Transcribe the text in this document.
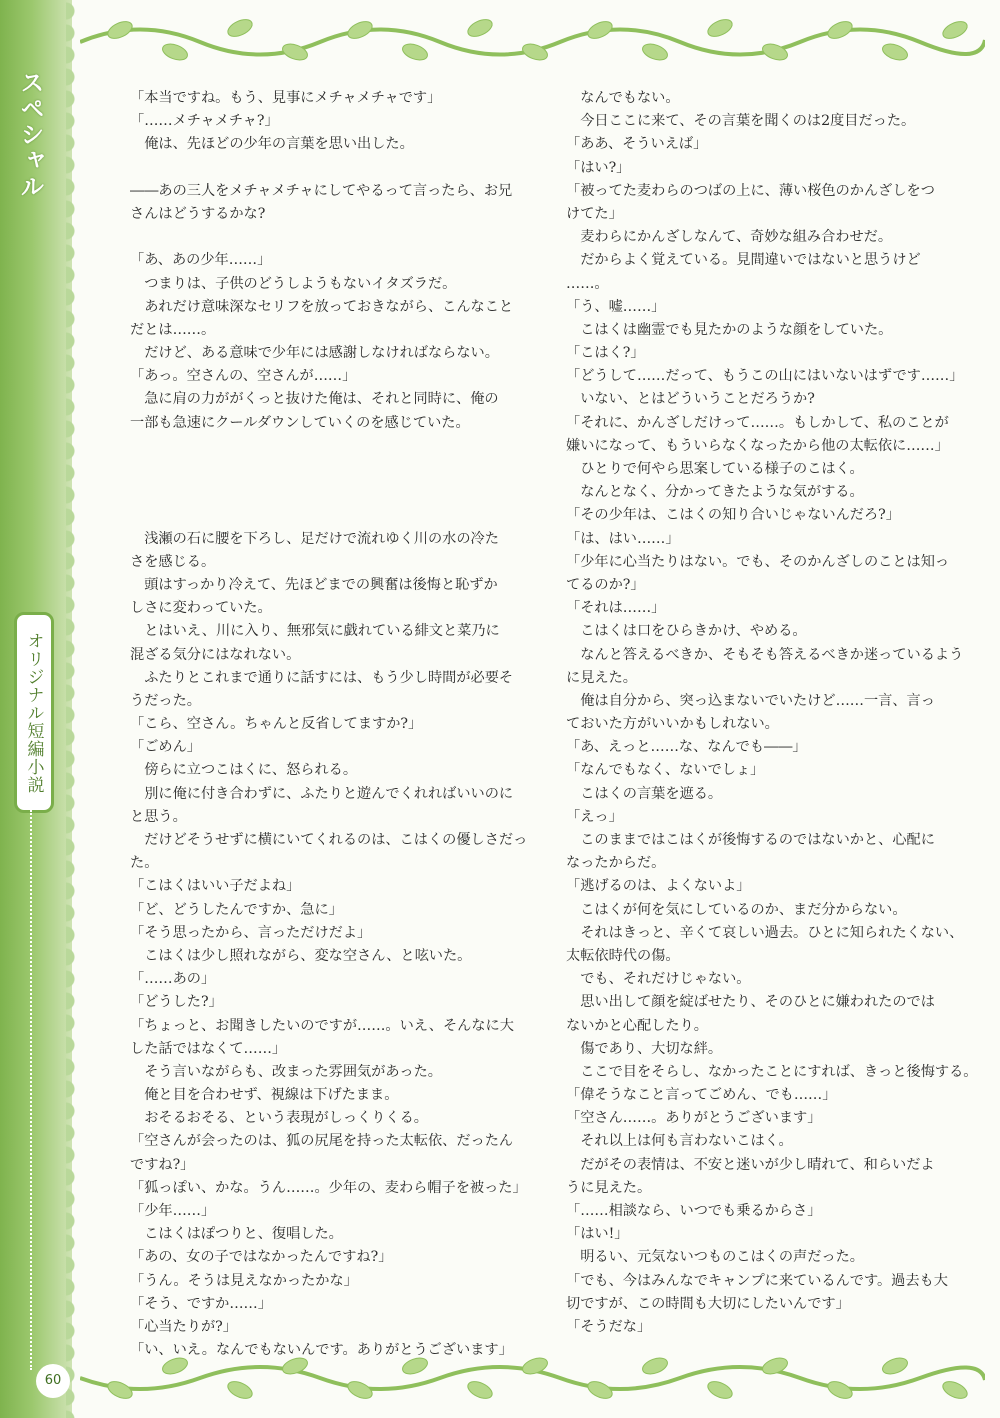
スペシャル
オリジナル短編小説
60
「本当ですね。もう、見事にメチャメチャです」
「……メチャメチャ?」
　俺は、先ほどの少年の言葉を思い出した。
――あの三人をメチャメチャにしてやるって言ったら、お兄
さんはどうするかな?
「あ、あの少年……」
　つまりは、子供のどうしようもないイタズラだ。
　あれだけ意味深なセリフを放っておきながら、こんなこと
だとは……。
　だけど、ある意味で少年には感謝しなければならない。
「あっ。空さんの、空さんが……」
　急に肩の力ががくっと抜けた俺は、それと同時に、俺の
一部も急速にクールダウンしていくのを感じていた。
　浅瀬の石に腰を下ろし、足だけで流れゆく川の水の冷た
さを感じる。
　頭はすっかり冷えて、先ほどまでの興奮は後悔と恥ずか
しさに変わっていた。
　とはいえ、川に入り、無邪気に戯れている緋文と菜乃に
混ざる気分にはなれない。
　ふたりとこれまで通りに話すには、もう少し時間が必要そ
うだった。
「こら、空さん。ちゃんと反省してますか?」
「ごめん」
　傍らに立つこはくに、怒られる。
　別に俺に付き合わずに、ふたりと遊んでくれればいいのに
と思う。
　だけどそうせずに横にいてくれるのは、こはくの優しさだっ
た。
「こはくはいい子だよね」
「ど、どうしたんですか、急に」
「そう思ったから、言っただけだよ」
　こはくは少し照れながら、変な空さん、と呟いた。
「……あの」
「どうした?」
「ちょっと、お聞きしたいのですが……。いえ、そんなに大
した話ではなくて……」
　そう言いながらも、改まった雰囲気があった。
　俺と目を合わせず、視線は下げたまま。
　おそるおそる、という表現がしっくりくる。
「空さんが会ったのは、狐の尻尾を持った太転依、だったん
ですね?」
「狐っぽい、かな。うん……。少年の、麦わら帽子を被った」
「少年……」
　こはくはぽつりと、復唱した。
「あの、女の子ではなかったんですね?」
「うん。そうは見えなかったかな」
「そう、ですか……」
「心当たりが?」
「い、いえ。なんでもないんです。ありがとうございます」
　なんでもない。
　今日ここに来て、その言葉を聞くのは2度目だった。
「ああ、そういえば」
「はい?」
「被ってた麦わらのつばの上に、薄い桜色のかんざしをつ
けてた」
　麦わらにかんざしなんて、奇妙な組み合わせだ。
　だからよく覚えている。見間違いではないと思うけど
……。
「う、嘘……」
　こはくは幽霊でも見たかのような顔をしていた。
「こはく?」
「どうして……だって、もうこの山にはいないはずです……」
　いない、とはどういうことだろうか?
「それに、かんざしだけって……。もしかして、私のことが
嫌いになって、もういらなくなったから他の太転依に……」
　ひとりで何やら思案している様子のこはく。
　なんとなく、分かってきたような気がする。
「その少年は、こはくの知り合いじゃないんだろ?」
「は、はい……」
「少年に心当たりはない。でも、そのかんざしのことは知っ
てるのか?」
「それは……」
　こはくは口をひらきかけ、やめる。
　なんと答えるべきか、そもそも答えるべきか迷っているよう
に見えた。
　俺は自分から、突っ込まないでいたけど……一言、言っ
ておいた方がいいかもしれない。
「あ、えっと……な、なんでも――」
「なんでもなく、ないでしょ」
　こはくの言葉を遮る。
「えっ」
　このままではこはくが後悔するのではないかと、心配に
なったからだ。
「逃げるのは、よくないよ」
　こはくが何を気にしているのか、まだ分からない。
　それはきっと、辛くて哀しい過去。ひとに知られたくない、
太転依時代の傷。
　でも、それだけじゃない。
　思い出して顔を綻ばせたり、そのひとに嫌われたのでは
ないかと心配したり。
　傷であり、大切な絆。
　ここで目をそらし、なかったことにすれば、きっと後悔する。
「偉そうなこと言ってごめん、でも……」
「空さん……。ありがとうございます」
　それ以上は何も言わないこはく。
　だがその表情は、不安と迷いが少し晴れて、和らいだよ
うに見えた。
「……相談なら、いつでも乗るからさ」
「はい!」
　明るい、元気ないつものこはくの声だった。
「でも、今はみんなでキャンプに来ているんです。過去も大
切ですが、この時間も大切にしたいんです」
「そうだな」
